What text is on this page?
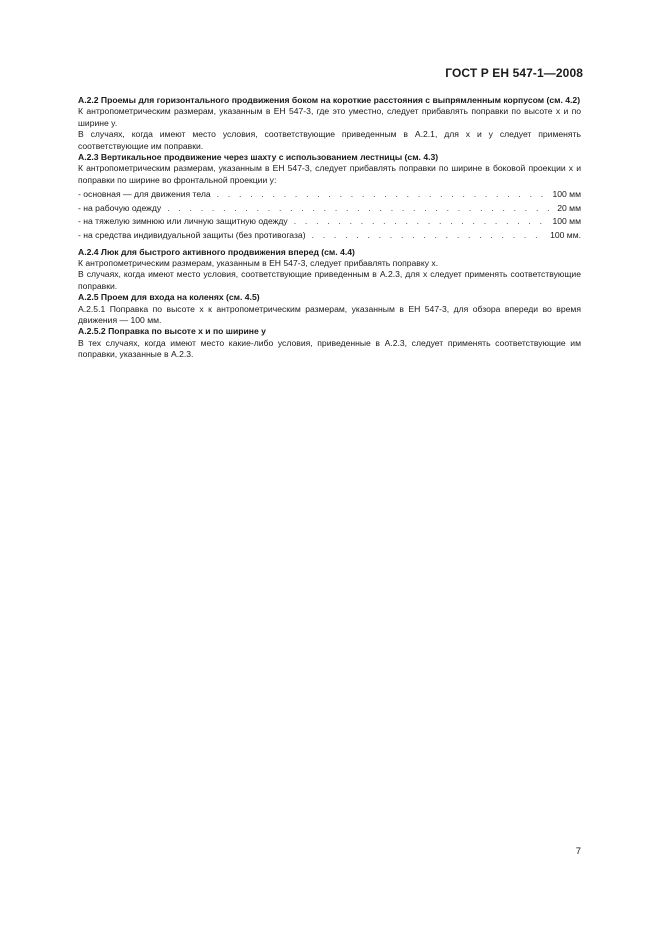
ГОСТ Р ЕН 547-1—2008

А.2.2 Проемы для горизонтального продвижения боком на короткие расстояния с выпрямленным корпусом (см. 4.2)

К антропометрическим размерам, указанным в ЕН 547-3, где это уместно, следует прибавлять поправки по высоте x и по ширине y.

В случаях, когда имеют место условия, соответствующие приведенным в А.2.1, для x и y следует применять соответствующие им поправки.

А.2.3 Вертикальное продвижение через шахту с использованием лестницы (см. 4.3)

К антропометрическим размерам, указанным в ЕН 547-3, следует прибавлять поправки по ширине в боковой проекции x и поправки по ширине во фронтальной проекции y:

- основная — для движения тела . . .	100 мм
- на рабочую одежду . . .	20 мм
- на тяжелую зимнюю или личную защитную одежду . . .	100 мм
- на средства индивидуальной защиты (без противогаза) . . .	100 мм.

А.2.4 Люк для быстрого активного продвижения вперед (см. 4.4)

К антропометрическим размерам, указанным в ЕН 547-3, следует прибавлять поправку x.

В случаях, когда имеют место условия, соответствующие приведенным в А.2.3, для x следует применять соответствующие поправки.

А.2.5 Проем для входа на коленях (см. 4.5)

А.2.5.1 Поправка по высоте x к антропометрическим размерам, указанным в ЕН 547-3, для обзора впереди во время движения — 100 мм.

А.2.5.2 Поправка по высоте x и по ширине y

В тех случаях, когда имеют место какие-либо условия, приведенные в А.2.3, следует применять соответствующие им поправки, указанные в А.2.3.

7
